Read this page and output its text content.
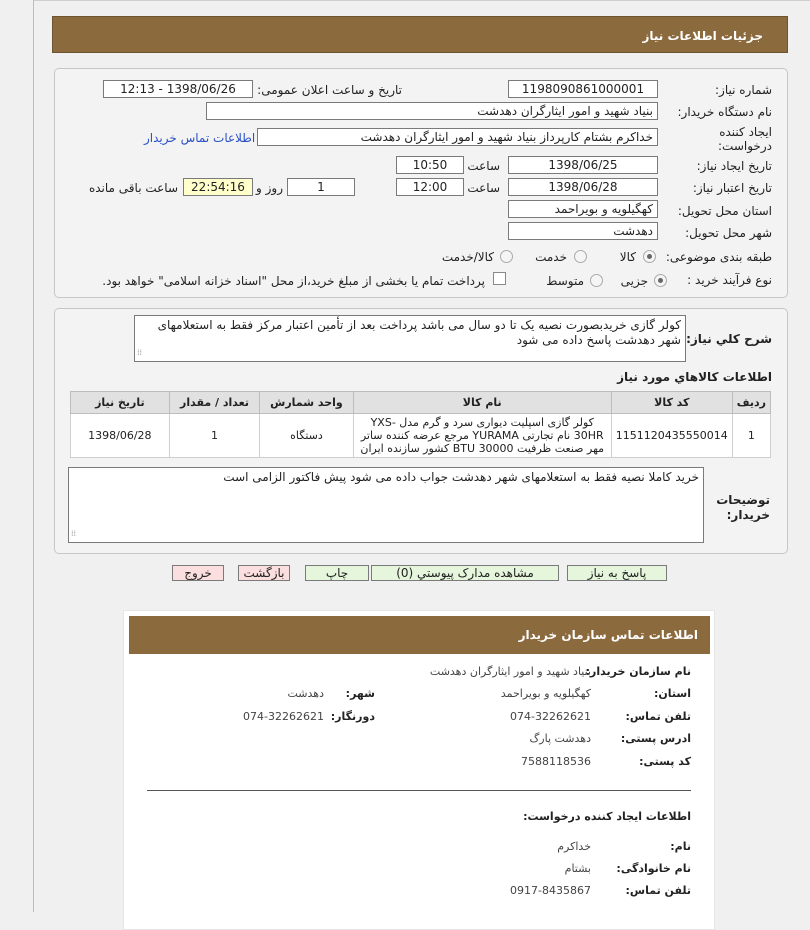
جزئیات اطلاعات نیاز
شماره نیاز:
1198090861000001
تاریخ و ساعت اعلان عمومی:
1398/06/26 - 12:13
نام دستگاه خریدار:
بنیاد شهید و امور ایثارگران دهدشت
ایجاد کننده
درخواست:
خداکرم بشتام کارپرداز بنیاد شهید و امور ایثارگران دهدشت
اطلاعات تماس خریدار
تاریخ ایجاد نیاز:
1398/06/25
ساعت
10:50
تاریخ اعتبار نیاز:
1398/06/28
ساعت
12:00
1
روز و
22:54:16
ساعت باقی مانده
استان محل تحویل:
کهگیلویه و بویراحمد
شهر محل تحویل:
دهدشت
طبقه بندی موضوعی:
کالا
خدمت
کالا/خدمت
نوع فرآیند خرید :
جزیی
متوسط
پرداخت تمام یا بخشی از مبلغ خرید،از محل "اسناد خزانه اسلامی" خواهد بود.
شرح کلي نياز:
کولر گازی خریدبصورت نصیه یک تا دو سال می باشد پرداخت بعد از تأمین اعتبار مرکز فقط به استعلامهای شهر دهدشت پاسخ داده می شود
⁞⁞
اطلاعات کالاهاي مورد نياز
رديف	کد کالا	نام کالا	واحد شمارش	تعداد / مقدار	تاریخ نیاز
1	1151120435550014	کولر گازی اسپلیت دیواری سرد و گرم مدل YXS-30HR نام تجارتی YURAMA مرجع عرضه کننده ساتر مهر صنعت ظرفیت 30000 BTU کشور سازنده ایران	دستگاه	1	1398/06/28
خرید کاملا نصیه فقط به استعلامهای شهر دهدشت جواب داده می شود پیش فاکتور الزامی است
⁞⁞
توضیحات
خریدار:
پاسخ به نیاز
مشاهده مدارک پیوستي (0)
چاپ
بازگشت
خروج
اطلاعات تماس سازمان خریدار
نام سازمان خریدار:
بنیاد شهید و امور ایثارگران دهدشت
استان:
کهگیلویه و بویراحمد
شهر:
دهدشت
تلفن تماس:
074-32262621
دورنگار:
074-32262621
ادرس پستی:
دهدشت پارگ
کد پستی:
7588118536
اطلاعات ایجاد کننده درخواست:
نام:
خداکرم
نام خانوادگی:
بشتام
تلفن تماس:
0917-8435867
